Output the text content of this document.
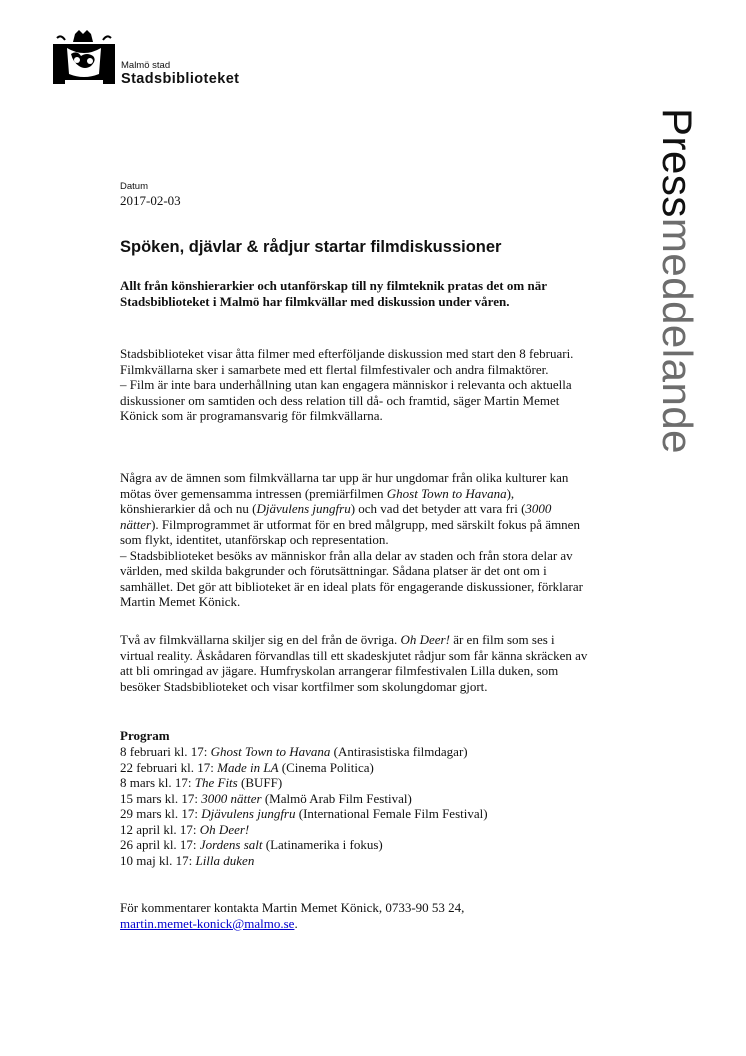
Malmö stad
Stadsbiblioteket
Pressmeddelande
Datum
2017-02-03
Spöken, djävlar & rådjur startar filmdiskussioner
Allt från könshierarkier och utanförskap till ny filmteknik pratas det om när Stadsbiblioteket i Malmö har filmkvällar med diskussion under våren.

Stadsbiblioteket visar åtta filmer med efterföljande diskussion med start den 8 februari. Filmkvällarna sker i samarbete med ett flertal filmfestivaler och andra filmaktörer.

– Film är inte bara underhållning utan kan engagera människor i relevanta och aktuella diskussioner om samtiden och dess relation till då- och framtid, säger Martin Memet Könick som är programansvarig för filmkvällarna.

Några av de ämnen som filmkvällarna tar upp är hur ungdomar från olika kulturer kan mötas över gemensamma intressen (premiärfilmen Ghost Town to Havana), könshierarkier då och nu (Djävulens jungfru) och vad det betyder att vara fri (3000 nätter). Filmprogrammet är utformat för en bred målgrupp, med särskilt fokus på ämnen som flykt, identitet, utanförskap och representation.

– Stadsbiblioteket besöks av människor från alla delar av staden och från stora delar av världen, med skilda bakgrunder och förutsättningar. Sådana platser är det ont om i samhället. Det gör att biblioteket är en ideal plats för engagerande diskussioner, förklarar Martin Memet Könick.

Två av filmkvällarna skiljer sig en del från de övriga. Oh Deer! är en film som ses i virtual reality. Åskådaren förvandlas till ett skadeskjutet rådjur som får känna skräcken av att bli omringad av jägare. Humfryskolan arrangerar filmfestivalen Lilla duken, som besöker Stadsbiblioteket och visar kortfilmer som skolungdomar gjort.

Program
8 februari kl. 17: Ghost Town to Havana (Antirasistiska filmdagar)
22 februari kl. 17: Made in LA (Cinema Politica)
8 mars kl. 17: The Fits (BUFF)
15 mars kl. 17: 3000 nätter (Malmö Arab Film Festival)
29 mars kl. 17: Djävulens jungfru (International Female Film Festival)
12 april kl. 17: Oh Deer!
26 april kl. 17: Jordens salt (Latinamerika i fokus)
10 maj kl. 17: Lilla duken
För kommentarer kontakta Martin Memet Könick, 0733-90 53 24,
martin.memet-konick@malmo.se.
